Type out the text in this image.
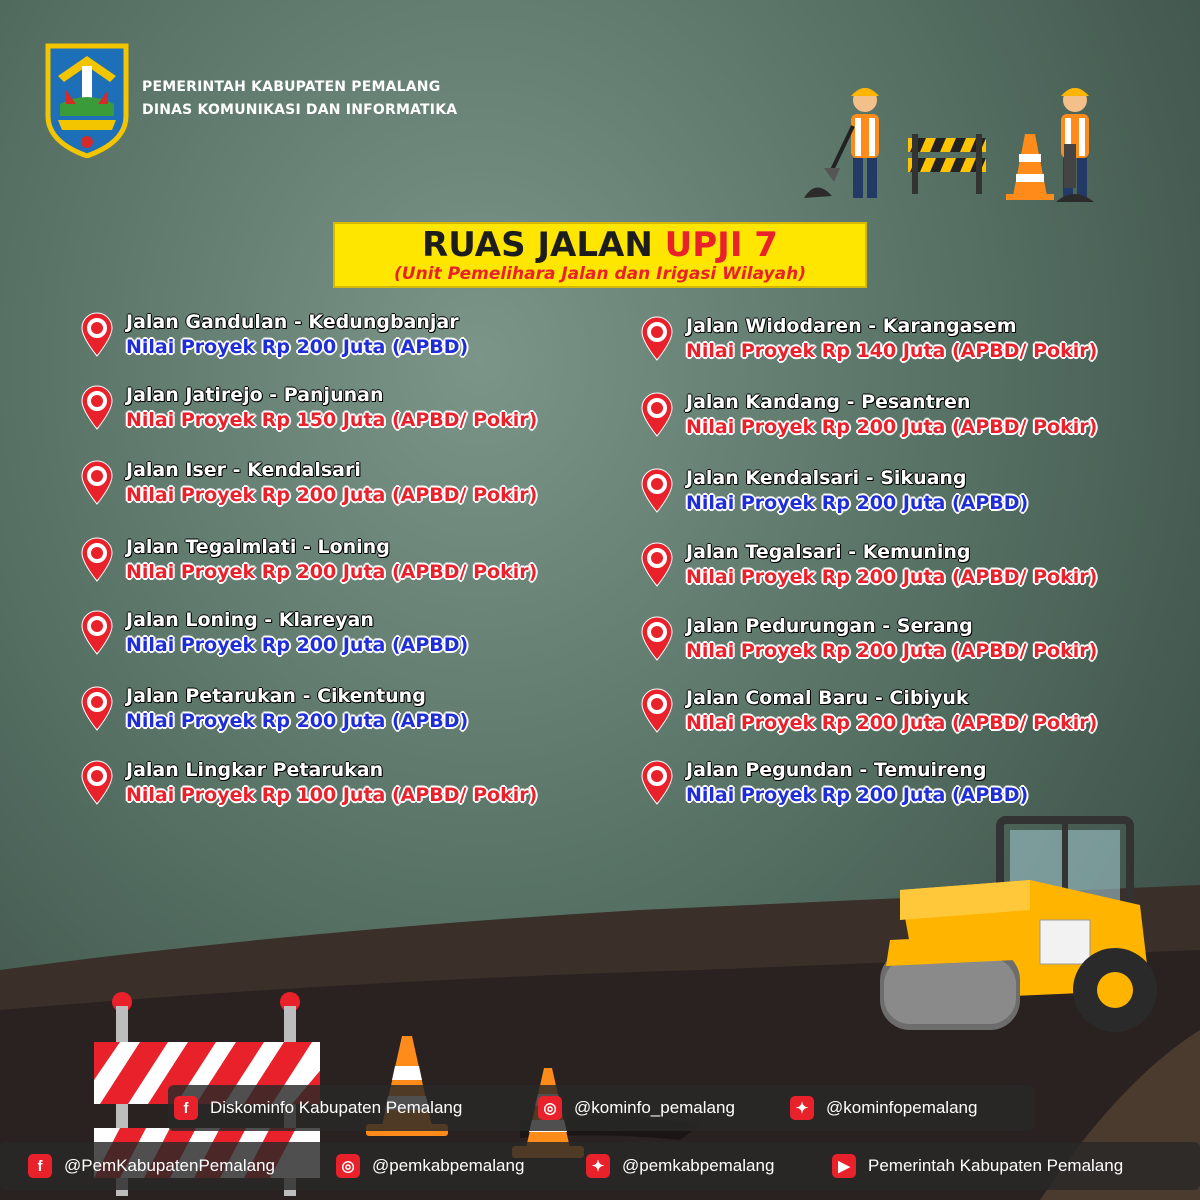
PEMERINTAH KABUPATEN PEMALANG
DINAS KOMUNIKASI DAN INFORMATIKA
RUAS JALAN UPJI 7
(Unit Pemelihara Jalan dan Irigasi Wilayah)
Jalan Gandulan - Kedungbanjar
Nilai Proyek Rp 200 Juta (APBD)
Jalan Jatirejo - Panjunan
Nilai Proyek Rp 150 Juta (APBD/ Pokir)
Jalan Iser - Kendalsari
Nilai Proyek Rp 200 Juta (APBD/ Pokir)
Jalan Tegalmlati - Loning
Nilai Proyek Rp 200 Juta (APBD/ Pokir)
Jalan Loning - Klareyan
Nilai Proyek Rp 200 Juta (APBD)
Jalan Petarukan - Cikentung
Nilai Proyek Rp 200 Juta (APBD)
Jalan Lingkar Petarukan
Nilai Proyek Rp 100 Juta (APBD/ Pokir)
Jalan Widodaren - Karangasem
Nilai Proyek Rp 140 Juta (APBD/ Pokir)
Jalan Kandang - Pesantren
Nilai Proyek Rp 200 Juta (APBD/ Pokir)
Jalan Kendalsari - Sikuang
Nilai Proyek Rp 200 Juta (APBD)
Jalan Tegalsari - Kemuning
Nilai Proyek Rp 200 Juta (APBD/ Pokir)
Jalan Pedurungan - Serang
Nilai Proyek Rp 200 Juta (APBD/ Pokir)
Jalan Comal Baru - Cibiyuk
Nilai Proyek Rp 200 Juta (APBD/ Pokir)
Jalan Pegundan - Temuireng
Nilai Proyek Rp 200 Juta (APBD)
f	Diskominfo Kabupaten Pemalang	◎	@kominfo_pemalang	✦	@kominfopemalang
f	@PemKabupatenPemalang	◎	@pemkabpemalang	✦	@pemkabpemalang	▶	Pemerintah Kabupaten Pemalang
